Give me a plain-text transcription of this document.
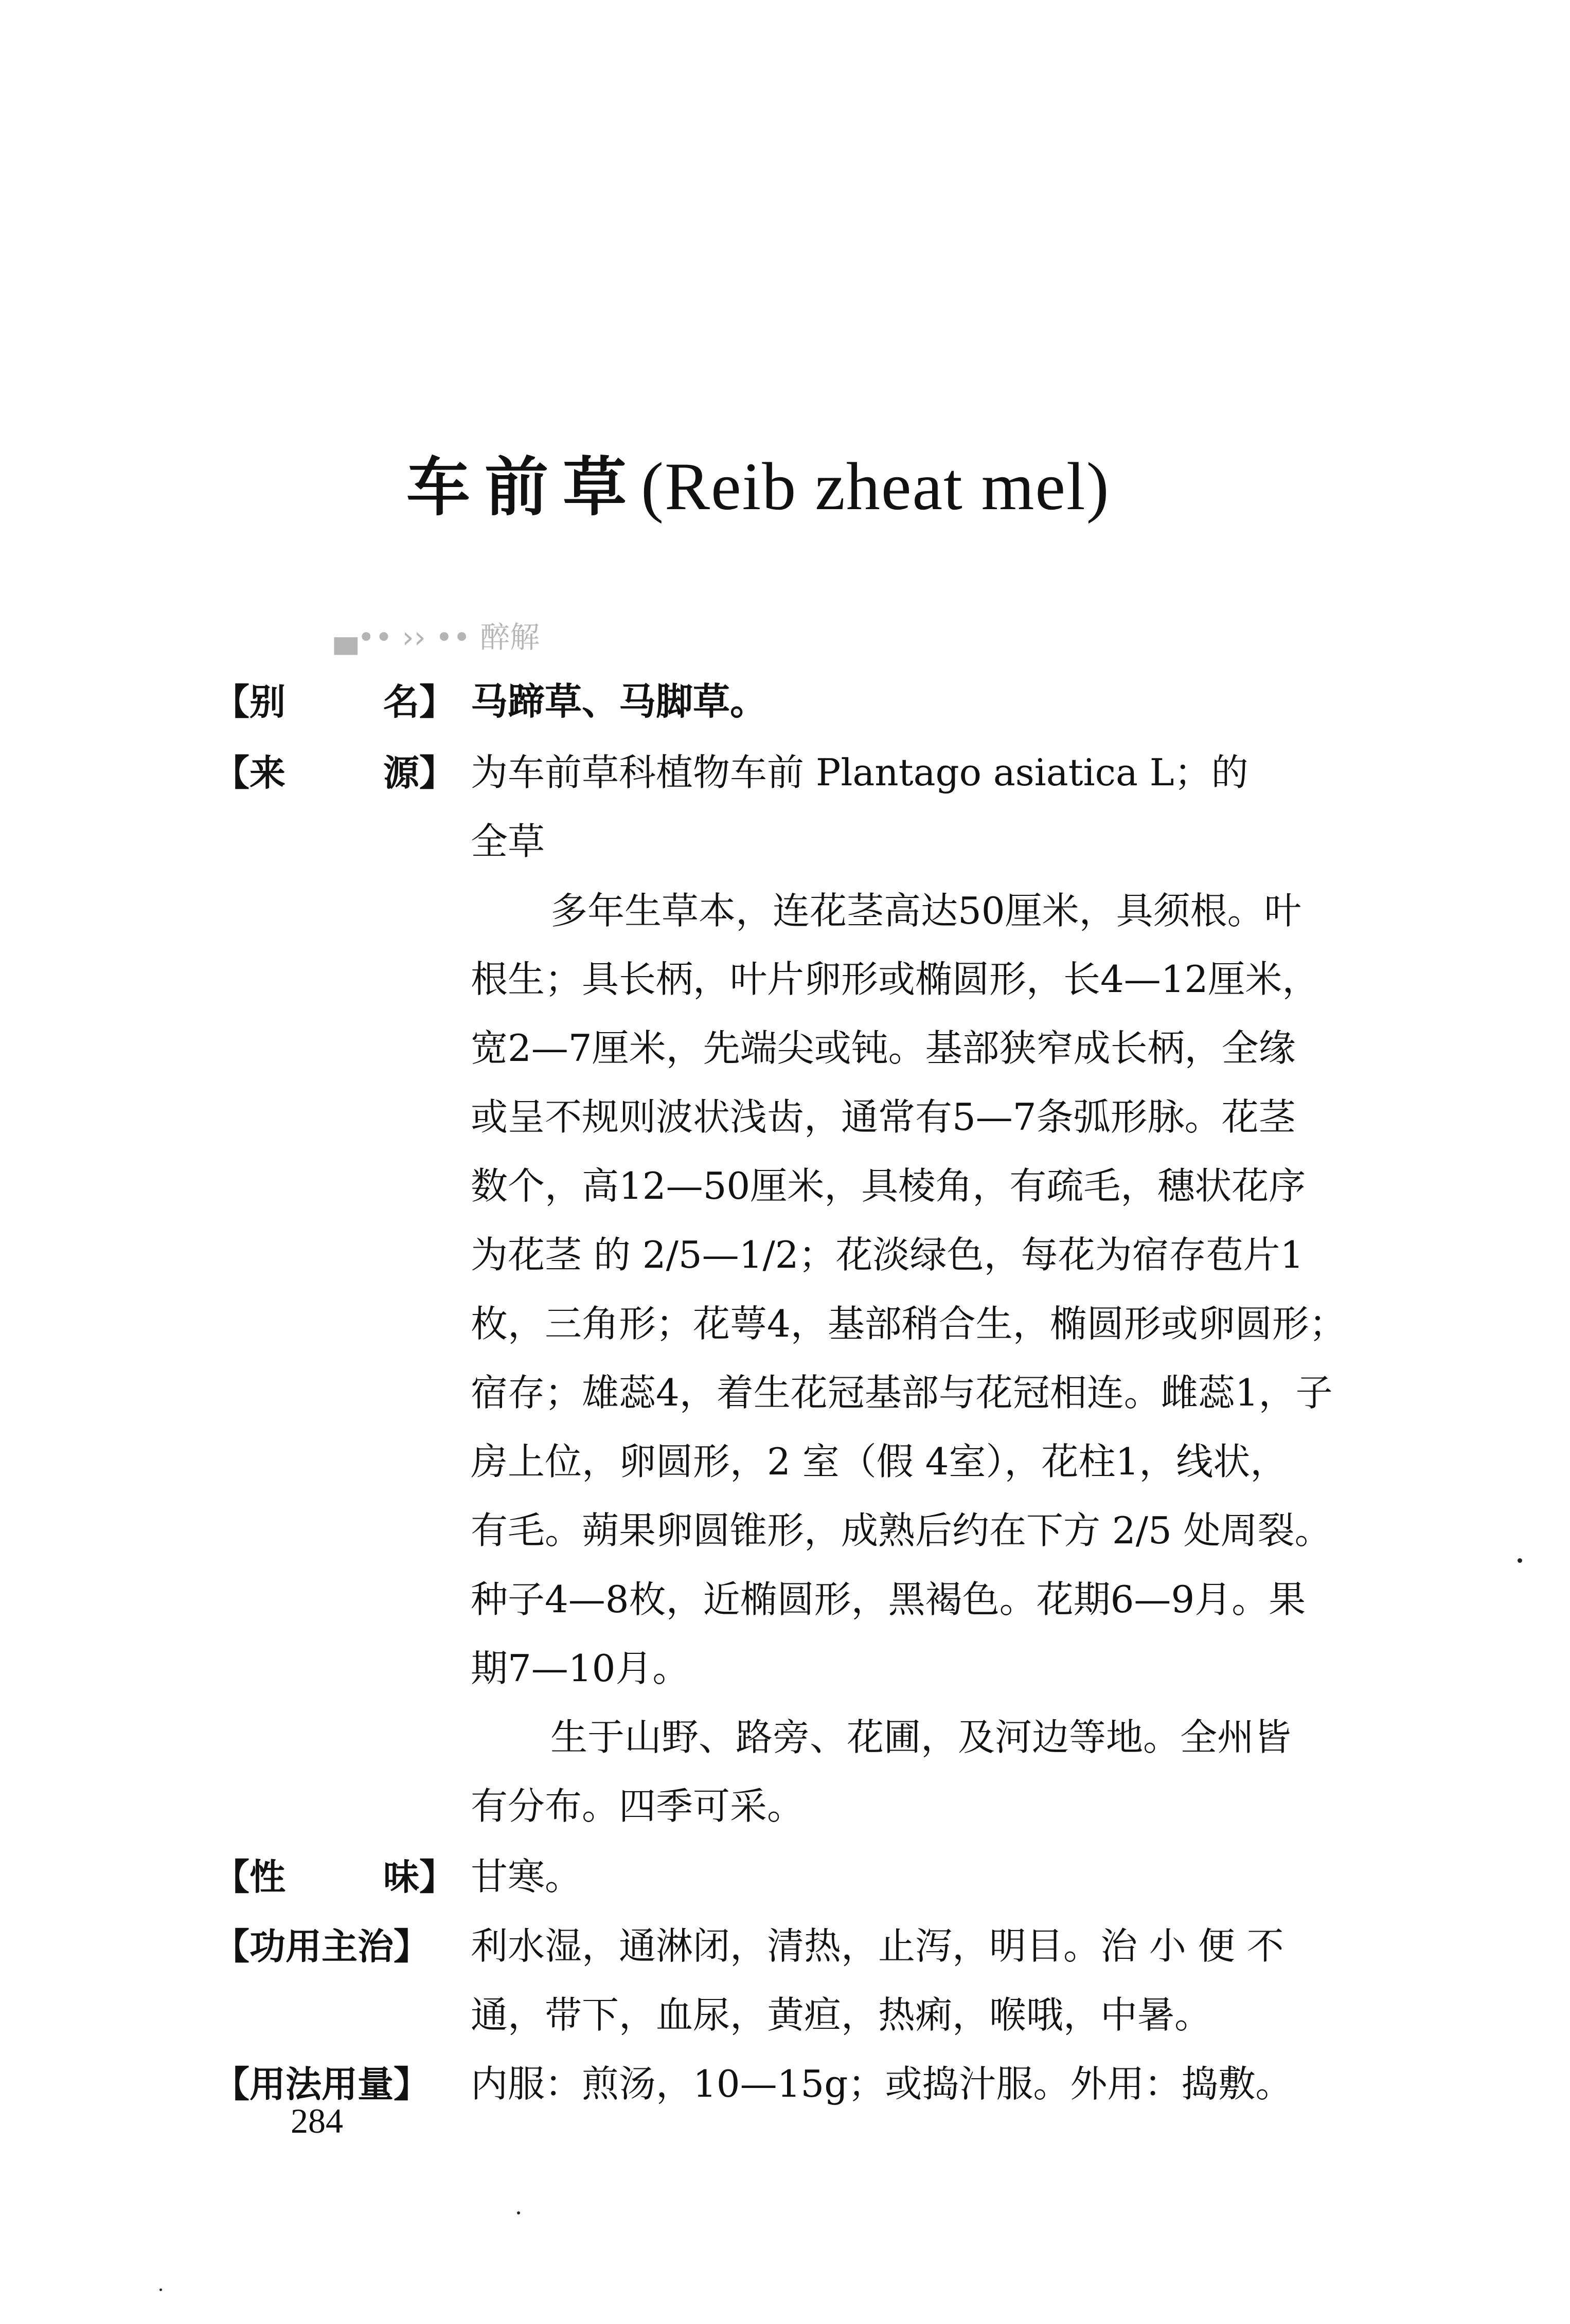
车前草(Reib zheat mel)
▄•• ›› •• 醉解
【别	名】 马蹄草、马脚草。
【来	源】 为车前草科植物车前 Plantago asiatica L；的
全草
多年生草本，连花茎高达50厘米，具须根。叶
根生；具长柄，叶片卵形或椭圆形，长4—12厘米，
宽2—7厘米，先端尖或钝。基部狭窄成长柄，全缘
或呈不规则波状浅齿，通常有5—7条弧形脉。花茎
数个，高12—50厘米，具棱角，有疏毛，穗状花序
为花茎 的 2/5—1/2；花淡绿色，每花为宿存苞片1
枚，三角形；花萼4，基部稍合生，椭圆形或卵圆形；
宿存；雄蕊4，着生花冠基部与花冠相连。雌蕊1，子
房上位，卵圆形，2 室（假 4室），花柱1，线状，
有毛。蒴果卵圆锥形，成熟后约在下方 2/5 处周裂。
种子4—8枚，近椭圆形，黑褐色。花期6—9月。果
期7—10月。
生于山野、路旁、花圃，及河边等地。全州皆
有分布。四季可采。
【性	味】 甘寒。
【功用主治】 利水湿，通淋闭，清热，止泻，明目。治 小 便 不
通，带下，血尿，黄疸，热痢，喉哦，中暑。
【用法用量】 内服：煎汤，10—15g；或捣汁服。外用：捣敷。
284
